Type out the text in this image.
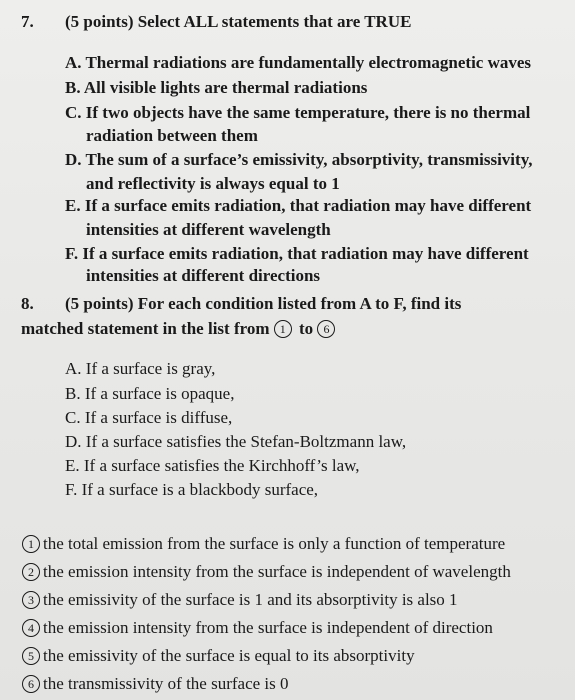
7. (5 points) Select ALL statements that are TRUE
A. Thermal radiations are fundamentally electromagnetic waves
B. All visible lights are thermal radiations
C. If two objects have the same temperature, there is no thermal
radiation between them
D. The sum of a surface’s emissivity, absorptivity, transmissivity,
and reflectivity is always equal to 1
E. If a surface emits radiation, that radiation may have different
intensities at different wavelength
F. If a surface emits radiation, that radiation may have different
intensities at different directions
8. (5 points) For each condition listed from A to F, find its
matched statement in the list from 1 to 6
A. If a surface is gray,
B. If a surface is opaque,
C. If a surface is diffuse,
D. If a surface satisfies the Stefan-Boltzmann law,
E. If a surface satisfies the Kirchhoff’s law,
F. If a surface is a blackbody surface,
1 the total emission from the surface is only a function of temperature
2 the emission intensity from the surface is independent of wavelength
3 the emissivity of the surface is 1 and its absorptivity is also 1
4 the emission intensity from the surface is independent of direction
5 the emissivity of the surface is equal to its absorptivity
6 the transmissivity of the surface is 0
